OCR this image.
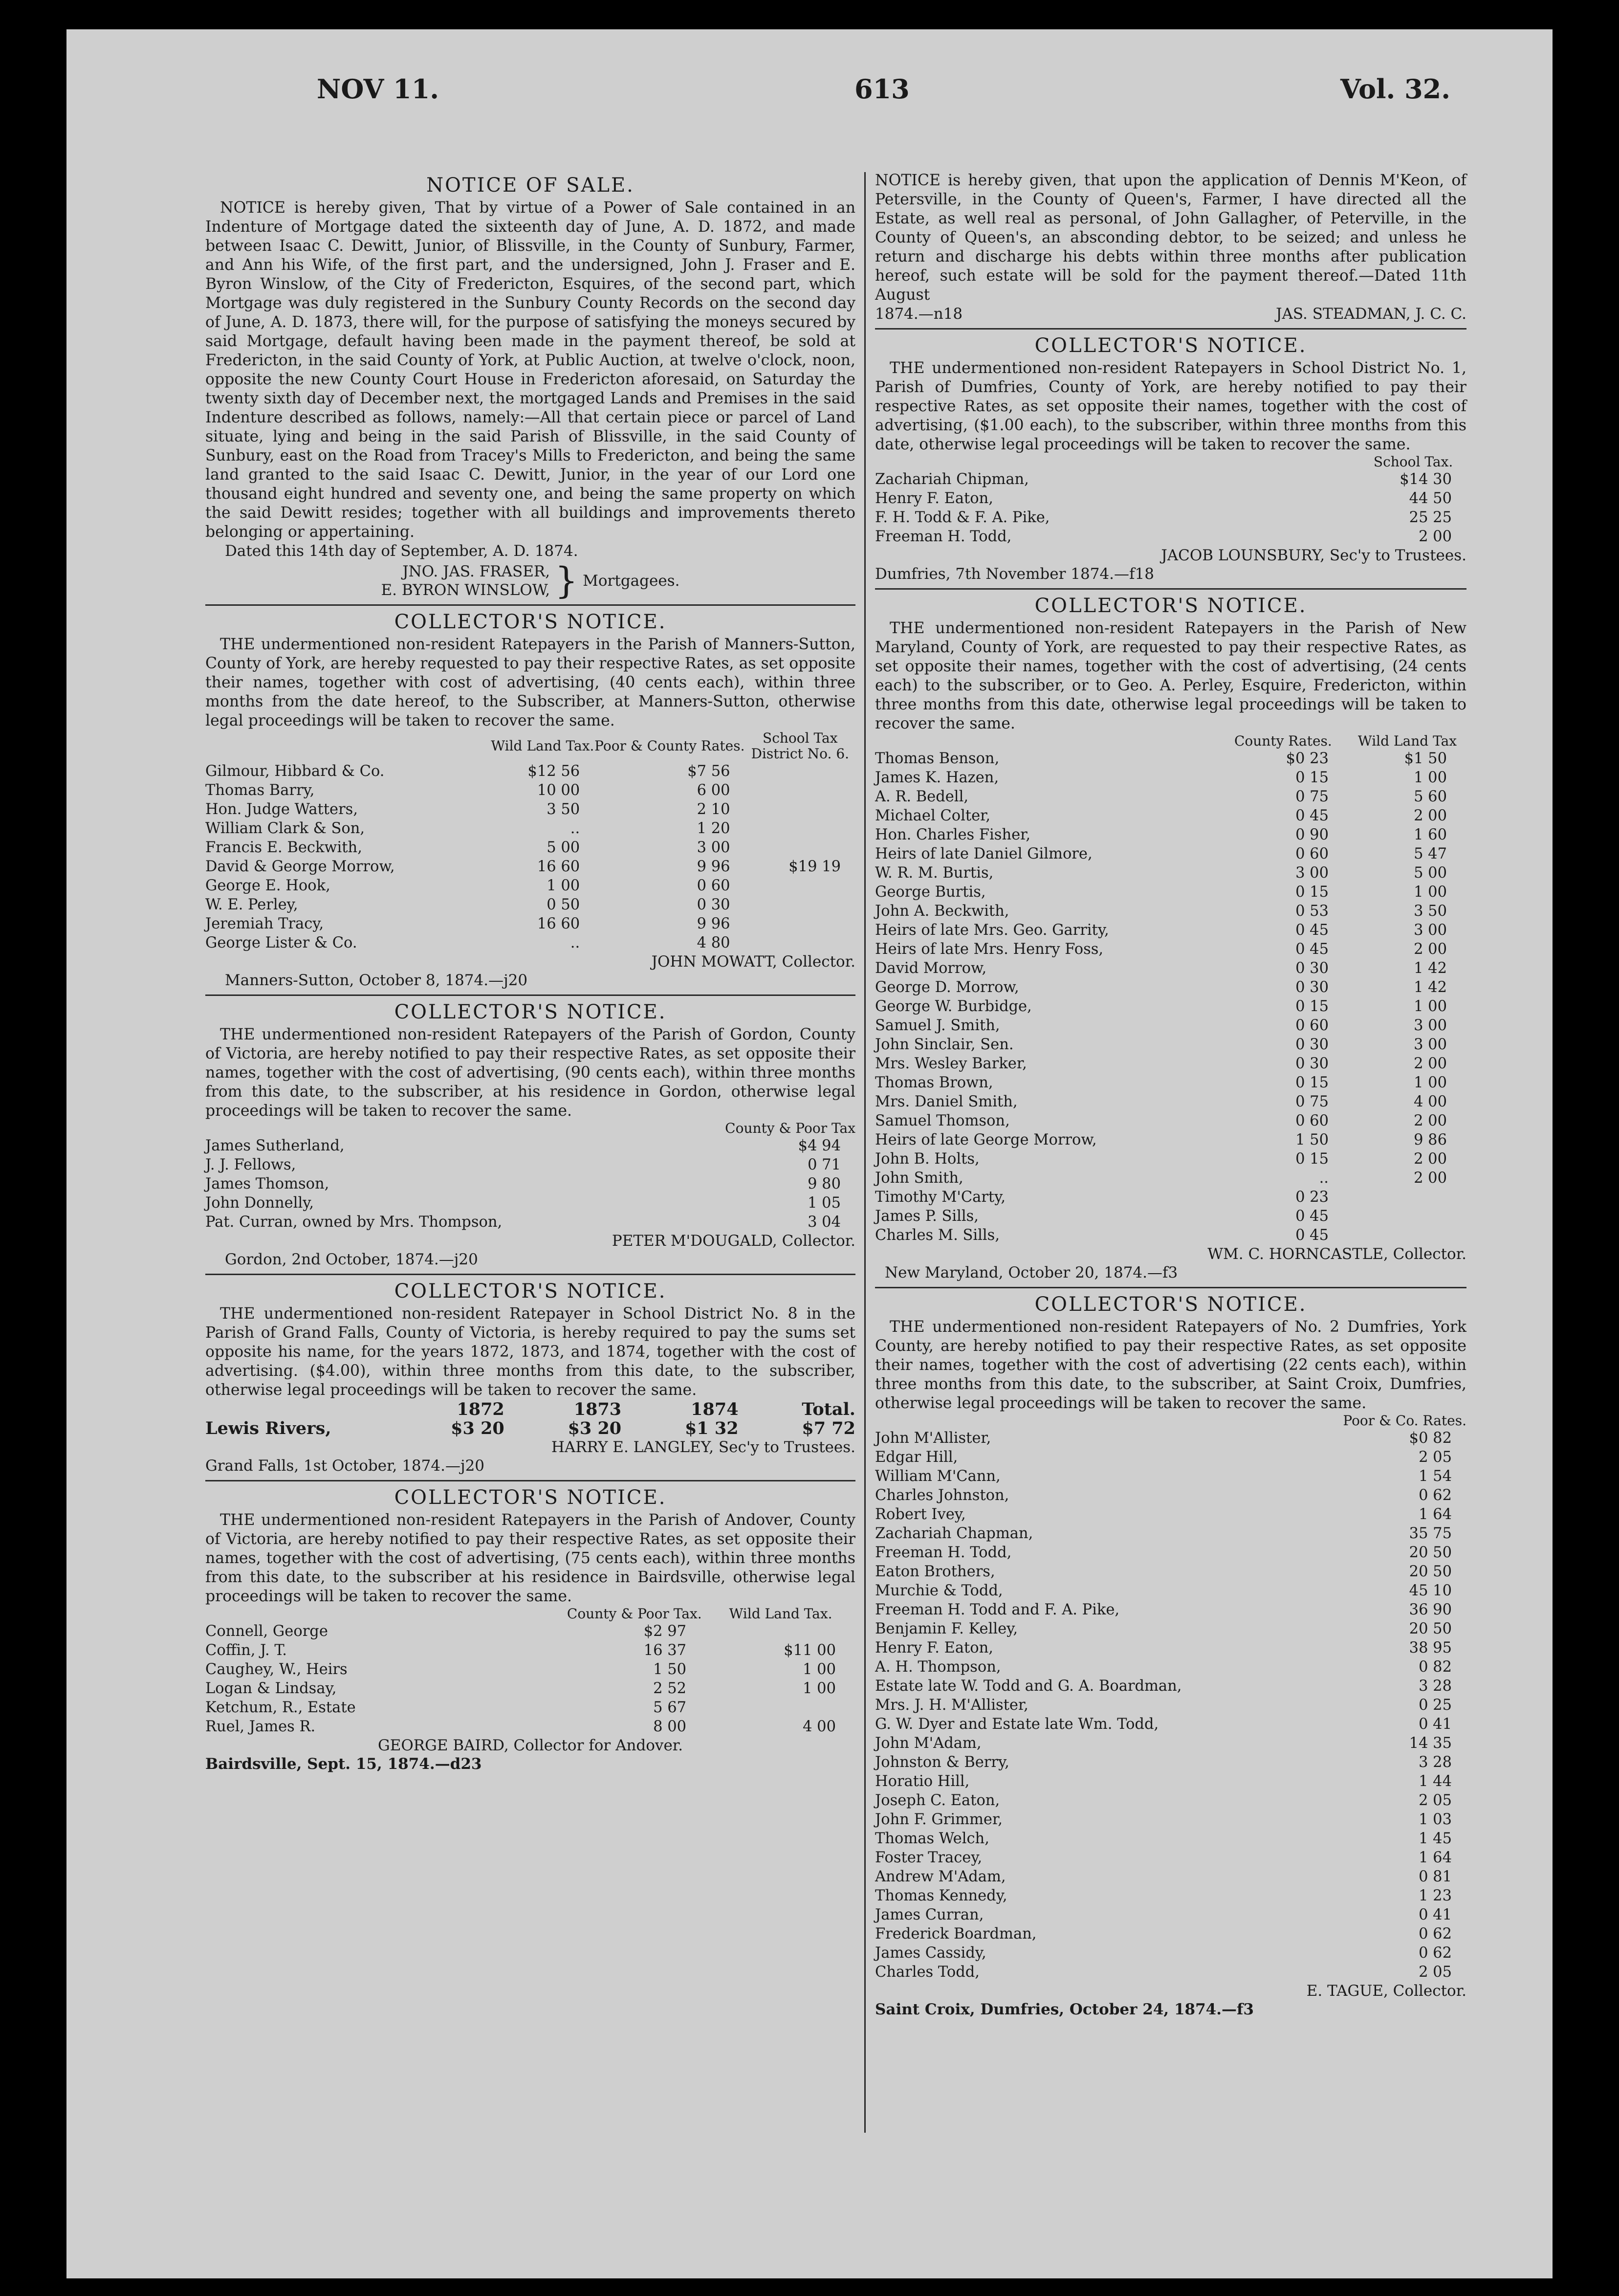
NOV 11.	613	Vol. 32.
NOTICE OF SALE.

NOTICE is hereby given, That by virtue of a Power of Sale contained in an Indenture of Mortgage dated the sixteenth day of June, A. D. 1872, and made between Isaac C. Dewitt, Junior, of Blissville, in the County of Sunbury, Farmer, and Ann his Wife, of the first part, and the undersigned, John J. Fraser and E. Byron Winslow, of the City of Fredericton, Esquires, of the second part, which Mortgage was duly registered in the Sunbury County Records on the second day of June, A. D. 1873, there will, for the purpose of satisfying the moneys secured by said Mortgage, default having been made in the payment thereof, be sold at Fredericton, in the said County of York, at Public Auction, at twelve o'clock, noon, opposite the new County Court House in Fredericton aforesaid, on Saturday the twenty sixth day of December next, the mortgaged Lands and Premises in the said Indenture described as follows, namely:—All that certain piece or parcel of Land situate, lying and being in the said Parish of Blissville, in the said County of Sunbury, east on the Road from Tracey's Mills to Fredericton, and being the same land granted to the said Isaac C. Dewitt, Junior, in the year of our Lord one thousand eight hundred and seventy one, and being the same property on which the said Dewitt resides; together with all buildings and improvements thereto belonging or appertaining.

Dated this 14th day of September, A. D. 1874.
JNO. JAS. FRASER,
E. BYRON WINSLOW, } Mortgagees.
COLLECTOR'S NOTICE.

THE undermentioned non-resident Ratepayers in the Parish of Manners-Sutton, County of York, are hereby requested to pay their respective Rates, as set opposite their names, together with cost of advertising, (40 cents each), within three months from the date hereof, to the Subscriber, at Manners-Sutton, otherwise legal proceedings will be taken to recover the same.

	Wild Land Tax.	Poor & County Rates.	School Tax District No. 6.
Gilmour, Hibbard & Co.	$12 56	$7 56	
Thomas Barry,	10 00	6 00	
Hon. Judge Watters,	3 50	2 10	
William Clark & Son,	..	1 20	
Francis E. Beckwith,	5 00	3 00	
David & George Morrow,	16 60	9 96	$19 19
George E. Hook,	1 00	0 60	
W. E. Perley,	0 50	0 30	
Jeremiah Tracy,	16 60	9 96	
George Lister & Co.	..	4 80	
JOHN MOWATT, Collector.
Manners-Sutton, October 8, 1874.—j20
COLLECTOR'S NOTICE.

THE undermentioned non-resident Ratepayers of the Parish of Gordon, County of Victoria, are hereby notified to pay their respective Rates, as set opposite their names, together with the cost of advertising, (90 cents each), within three months from this date, to the subscriber, at his residence in Gordon, otherwise legal proceedings will be taken to recover the same.

	County & Poor Tax
James Sutherland,	$4 94
J. J. Fellows,	0 71
James Thomson,	9 80
John Donnelly,	1 05
Pat. Curran, owned by Mrs. Thompson,	3 04
PETER M'DOUGALD, Collector.
Gordon, 2nd October, 1874.—j20
COLLECTOR'S NOTICE.

THE undermentioned non-resident Ratepayer in School District No. 8 in the Parish of Grand Falls, County of Victoria, is hereby required to pay the sums set opposite his name, for the years 1872, 1873, and 1874, together with the cost of advertising. ($4.00), within three months from this date, to the subscriber, otherwise legal proceedings will be taken to recover the same.

	1872	1873	1874	Total.
Lewis Rivers,	$3 20	$3 20	$1 32	$7 72
HARRY E. LANGLEY, Sec'y to Trustees.
Grand Falls, 1st October, 1874.—j20
COLLECTOR'S NOTICE.

THE undermentioned non-resident Ratepayers in the Parish of Andover, County of Victoria, are hereby notified to pay their respective Rates, as set opposite their names, together with the cost of advertising, (75 cents each), within three months from this date, to the subscriber at his residence in Bairdsville, otherwise legal proceedings will be taken to recover the same.

	County & Poor Tax.	Wild Land Tax.
Connell, George	$2 97	
Coffin, J. T.	16 37	$11 00
Caughey, W., Heirs	1 50	1 00
Logan & Lindsay,	2 52	1 00
Ketchum, R., Estate	5 67	
Ruel, James R.	8 00	4 00
GEORGE BAIRD, Collector for Andover.
Bairdsville, Sept. 15, 1874.—d23

NOTICE is hereby given, that upon the application of Dennis M'Keon, of Petersville, in the County of Queen's, Farmer, I have directed all the Estate, as well real as personal, of John Gallagher, of Peterville, in the County of Queen's, an absconding debtor, to be seized; and unless he return and discharge his debts within three months after publication hereof, such estate will be sold for the payment thereof.—Dated 11th August

1874.—n18	JAS. STEADMAN, J. C. C.
COLLECTOR'S NOTICE.

THE undermentioned non-resident Ratepayers in School District No. 1, Parish of Dumfries, County of York, are hereby notified to pay their respective Rates, as set opposite their names, together with the cost of advertising, ($1.00 each), to the subscriber, within three months from this date, otherwise legal proceedings will be taken to recover the same.

	School Tax.
Zachariah Chipman,	$14 30
Henry F. Eaton,	44 50
F. H. Todd & F. A. Pike,	25 25
Freeman H. Todd,	2 00
JACOB LOUNSBURY, Sec'y to Trustees.
Dumfries, 7th November 1874.—f18
COLLECTOR'S NOTICE.

THE undermentioned non-resident Ratepayers in the Parish of New Maryland, County of York, are requested to pay their respective Rates, as set opposite their names, together with the cost of advertising, (24 cents each) to the subscriber, or to Geo. A. Perley, Esquire, Fredericton, within three months from this date, otherwise legal proceedings will be taken to recover the same.

	County Rates.	Wild Land Tax
Thomas Benson,	$0 23	$1 50
James K. Hazen,	0 15	1 00
A. R. Bedell,	0 75	5 60
Michael Colter,	0 45	2 00
Hon. Charles Fisher,	0 90	1 60
Heirs of late Daniel Gilmore,	0 60	5 47
W. R. M. Burtis,	3 00	5 00
George Burtis,	0 15	1 00
John A. Beckwith,	0 53	3 50
Heirs of late Mrs. Geo. Garrity,	0 45	3 00
Heirs of late Mrs. Henry Foss,	0 45	2 00
David Morrow,	0 30	1 42
George D. Morrow,	0 30	1 42
George W. Burbidge,	0 15	1 00
Samuel J. Smith,	0 60	3 00
John Sinclair, Sen.	0 30	3 00
Mrs. Wesley Barker,	0 30	2 00
Thomas Brown,	0 15	1 00
Mrs. Daniel Smith,	0 75	4 00
Samuel Thomson,	0 60	2 00
Heirs of late George Morrow,	1 50	9 86
John B. Holts,	0 15	2 00
John Smith,	..	2 00
Timothy M'Carty,	0 23	
James P. Sills,	0 45	
Charles M. Sills,	0 45	
WM. C. HORNCASTLE, Collector.
New Maryland, October 20, 1874.—f3
COLLECTOR'S NOTICE.

THE undermentioned non-resident Ratepayers of No. 2 Dumfries, York County, are hereby notified to pay their respective Rates, as set opposite their names, together with the cost of advertising (22 cents each), within three months from this date, to the subscriber, at Saint Croix, Dumfries, otherwise legal proceedings will be taken to recover the same.

	Poor & Co. Rates.
John M'Allister,	$0 82
Edgar Hill,	2 05
William M'Cann,	1 54
Charles Johnston,	0 62
Robert Ivey,	1 64
Zachariah Chapman,	35 75
Freeman H. Todd,	20 50
Eaton Brothers,	20 50
Murchie & Todd,	45 10
Freeman H. Todd and F. A. Pike,	36 90
Benjamin F. Kelley,	20 50
Henry F. Eaton,	38 95
A. H. Thompson,	0 82
Estate late W. Todd and G. A. Boardman,	3 28
Mrs. J. H. M'Allister,	0 25
G. W. Dyer and Estate late Wm. Todd,	0 41
John M'Adam,	14 35
Johnston & Berry,	3 28
Horatio Hill,	1 44
Joseph C. Eaton,	2 05
John F. Grimmer,	1 03
Thomas Welch,	1 45
Foster Tracey,	1 64
Andrew M'Adam,	0 81
Thomas Kennedy,	1 23
James Curran,	0 41
Frederick Boardman,	0 62
James Cassidy,	0 62
Charles Todd,	2 05
E. TAGUE, Collector.
Saint Croix, Dumfries, October 24, 1874.—f3
